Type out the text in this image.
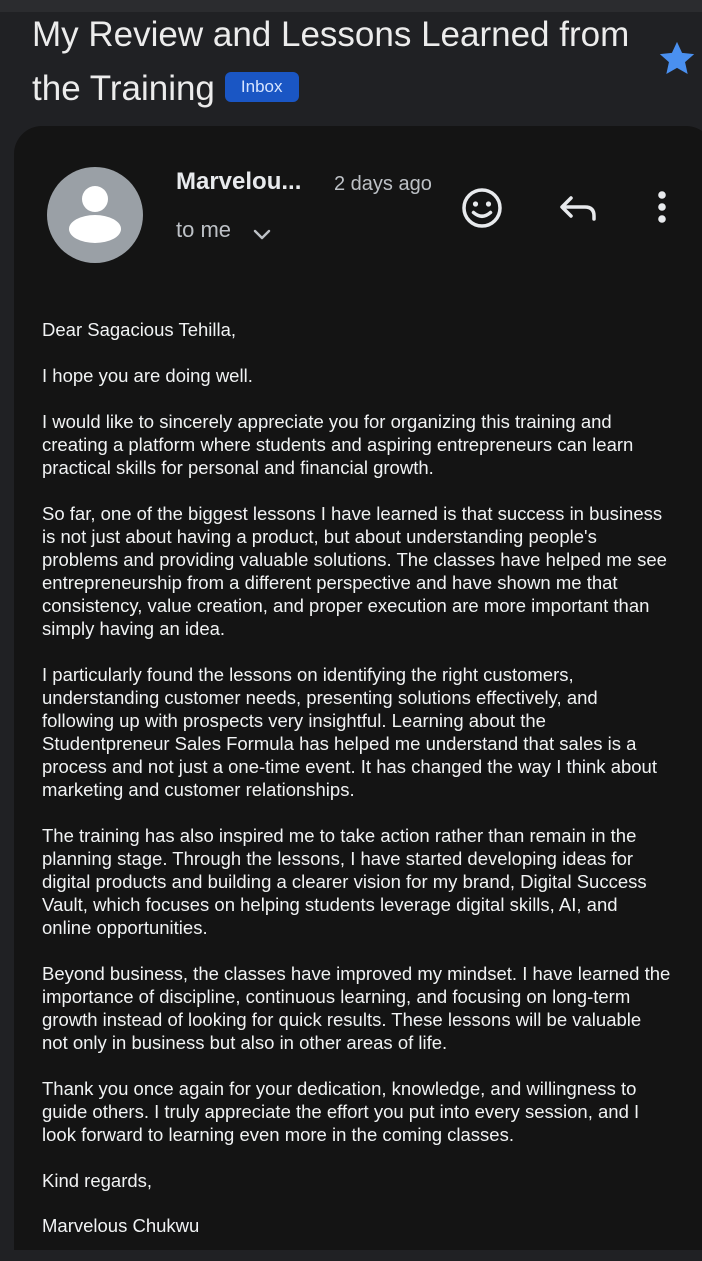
My Review and Lessons Learned from the Training Inbox
Marvelou... 2 days ago
to me

Dear Sagacious Tehilla,

I hope you are doing well.

I would like to sincerely appreciate you for organizing this training and creating a platform where students and aspiring entrepreneurs can learn practical skills for personal and financial growth.

So far, one of the biggest lessons I have learned is that success in business is not just about having a product, but about understanding people's problems and providing valuable solutions. The classes have helped me see entrepreneurship from a different perspective and have shown me that consistency, value creation, and proper execution are more important than simply having an idea.

I particularly found the lessons on identifying the right customers, understanding customer needs, presenting solutions effectively, and following up with prospects very insightful. Learning about the Studentpreneur Sales Formula has helped me understand that sales is a process and not just a one-time event. It has changed the way I think about marketing and customer relationships.

The training has also inspired me to take action rather than remain in the planning stage. Through the lessons, I have started developing ideas for digital products and building a clearer vision for my brand, Digital Success Vault, which focuses on helping students leverage digital skills, AI, and online opportunities.

Beyond business, the classes have improved my mindset. I have learned the importance of discipline, continuous learning, and focusing on long-term growth instead of looking for quick results. These lessons will be valuable not only in business but also in other areas of life.

Thank you once again for your dedication, knowledge, and willingness to guide others. I truly appreciate the effort you put into every session, and I look forward to learning even more in the coming classes.

Kind regards,

Marvelous Chukwu
